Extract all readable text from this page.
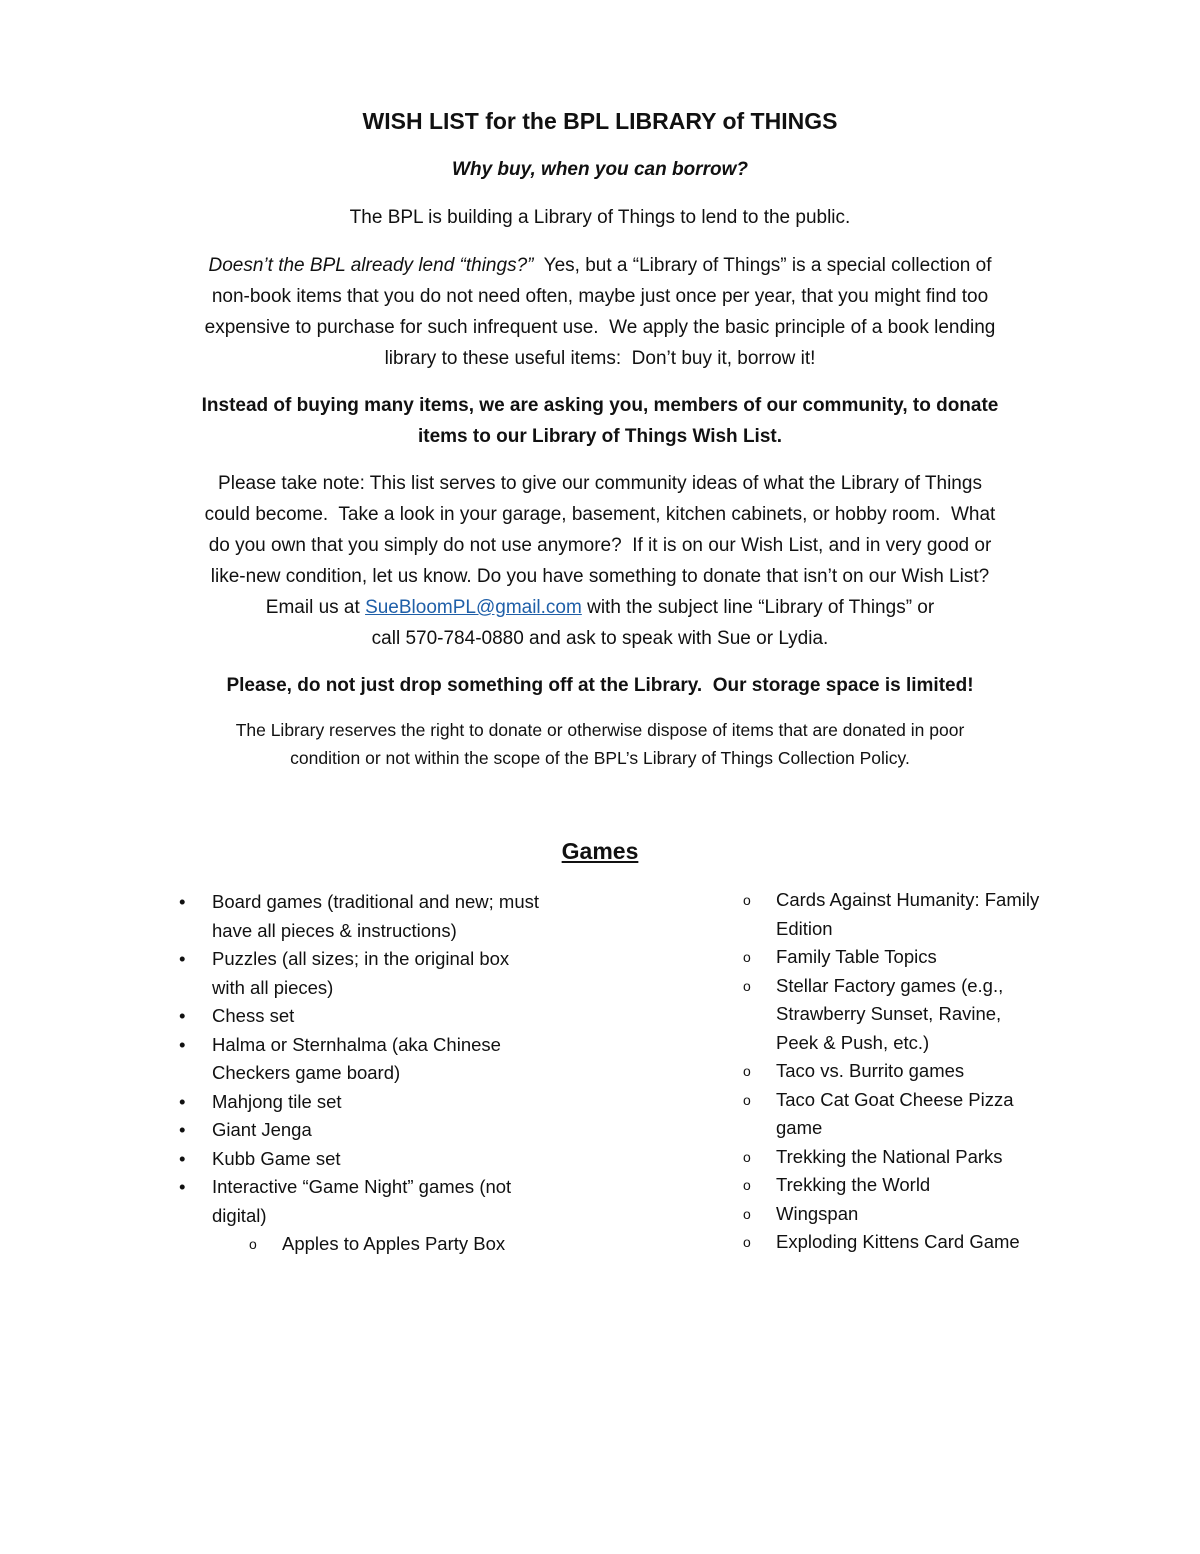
WISH LIST for the BPL LIBRARY of THINGS
Why buy, when you can borrow?
The BPL is building a Library of Things to lend to the public.
Doesn’t the BPL already lend “things?”  Yes, but a “Library of Things” is a special collection of
non-book items that you do not need often, maybe just once per year, that you might find too
expensive to purchase for such infrequent use.  We apply the basic principle of a book lending
library to these useful items:  Don’t buy it, borrow it!
Instead of buying many items, we are asking you, members of our community, to donate
items to our Library of Things Wish List.
Please take note: This list serves to give our community ideas of what the Library of Things
could become.  Take a look in your garage, basement, kitchen cabinets, or hobby room.  What
do you own that you simply do not use anymore?  If it is on our Wish List, and in very good or
like-new condition, let us know. Do you have something to donate that isn’t on our Wish List?
Email us at SueBloomPL@gmail.com with the subject line “Library of Things” or
call 570-784-0880 and ask to speak with Sue or Lydia.
Please, do not just drop something off at the Library.  Our storage space is limited!
The Library reserves the right to donate or otherwise dispose of items that are donated in poor
condition or not within the scope of the BPL’s Library of Things Collection Policy.
Games
• Board games (traditional and new; must
have all pieces & instructions)
• Puzzles (all sizes; in the original box
with all pieces)
• Chess set
• Halma or Sternhalma (aka Chinese
Checkers game board)
• Mahjong tile set
• Giant Jenga
• Kubb Game set
• Interactive “Game Night” games (not
digital)
o Apples to Apples Party Box
o Cards Against Humanity: Family
Edition
o Family Table Topics
o Stellar Factory games (e.g.,
Strawberry Sunset, Ravine,
Peek & Push, etc.)
o Taco vs. Burrito games
o Taco Cat Goat Cheese Pizza
game
o Trekking the National Parks
o Trekking the World
o Wingspan
o Exploding Kittens Card Game
